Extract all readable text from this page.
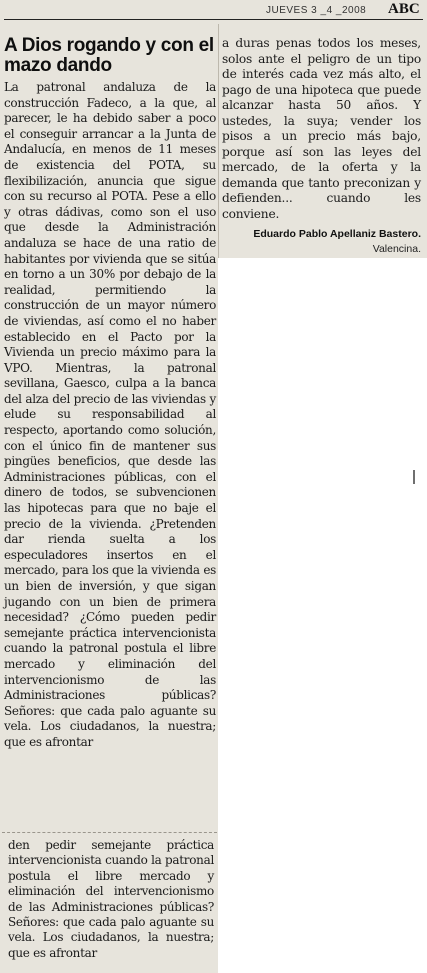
JUEVES 3 _4 _2008 ABC
A Dios rogando y con el mazo dando

La patronal andaluza de la construcción Fadeco, a la que, al parecer, le ha debido saber a poco el conseguir arrancar a la Junta de Andalucía, en menos de 11 meses de existencia del POTA, su flexibilización, anuncia que sigue con su recurso al POTA. Pese a ello y otras dádivas, como son el uso que desde la Administración andaluza se hace de una ratio de habitantes por vivienda que se sitúa en torno a un 30% por debajo de la realidad, permitiendo la construcción de un mayor número de viviendas, así como el no haber establecido en el Pacto por la Vivienda un precio máximo para la VPO. Mientras, la patronal sevillana, Gaesco, culpa a la banca del alza del precio de las viviendas y elude su responsabilidad al respecto, aportando como solución, con el único fin de mantener sus pingües beneficios, que desde las Administraciones públicas, con el dinero de todos, se subvencionen las hipotecas para que no baje el precio de la vivienda. ¿Pretenden dar rienda suelta a los especuladores insertos en el mercado, para los que la vivienda es un bien de inversión, y que sigan jugando con un bien de primera necesidad? ¿Cómo pueden pedir semejante práctica intervencionista cuando la patronal postula el libre mercado y eliminación del intervencionismo de las Administraciones públicas? Señores: que cada palo aguante su vela. Los ciudadanos, la nuestra; que es afrontar

a duras penas todos los meses, solos ante el peligro de un tipo de interés cada vez más alto, el pago de una hipoteca que puede alcanzar hasta 50 años. Y ustedes, la suya; vender los pisos a un precio más bajo, porque así son las leyes del mercado, de la oferta y la demanda que tanto preconizan y defienden... cuando les conviene.

Eduardo Pablo Apellaniz Bastero.

Valencina.

den pedir semejante práctica intervencionista cuando la patronal postula el libre mercado y eliminación del intervencionismo de las Administraciones públicas? Señores: que cada palo aguante su vela. Los ciudadanos, la nuestra; que es afrontar
